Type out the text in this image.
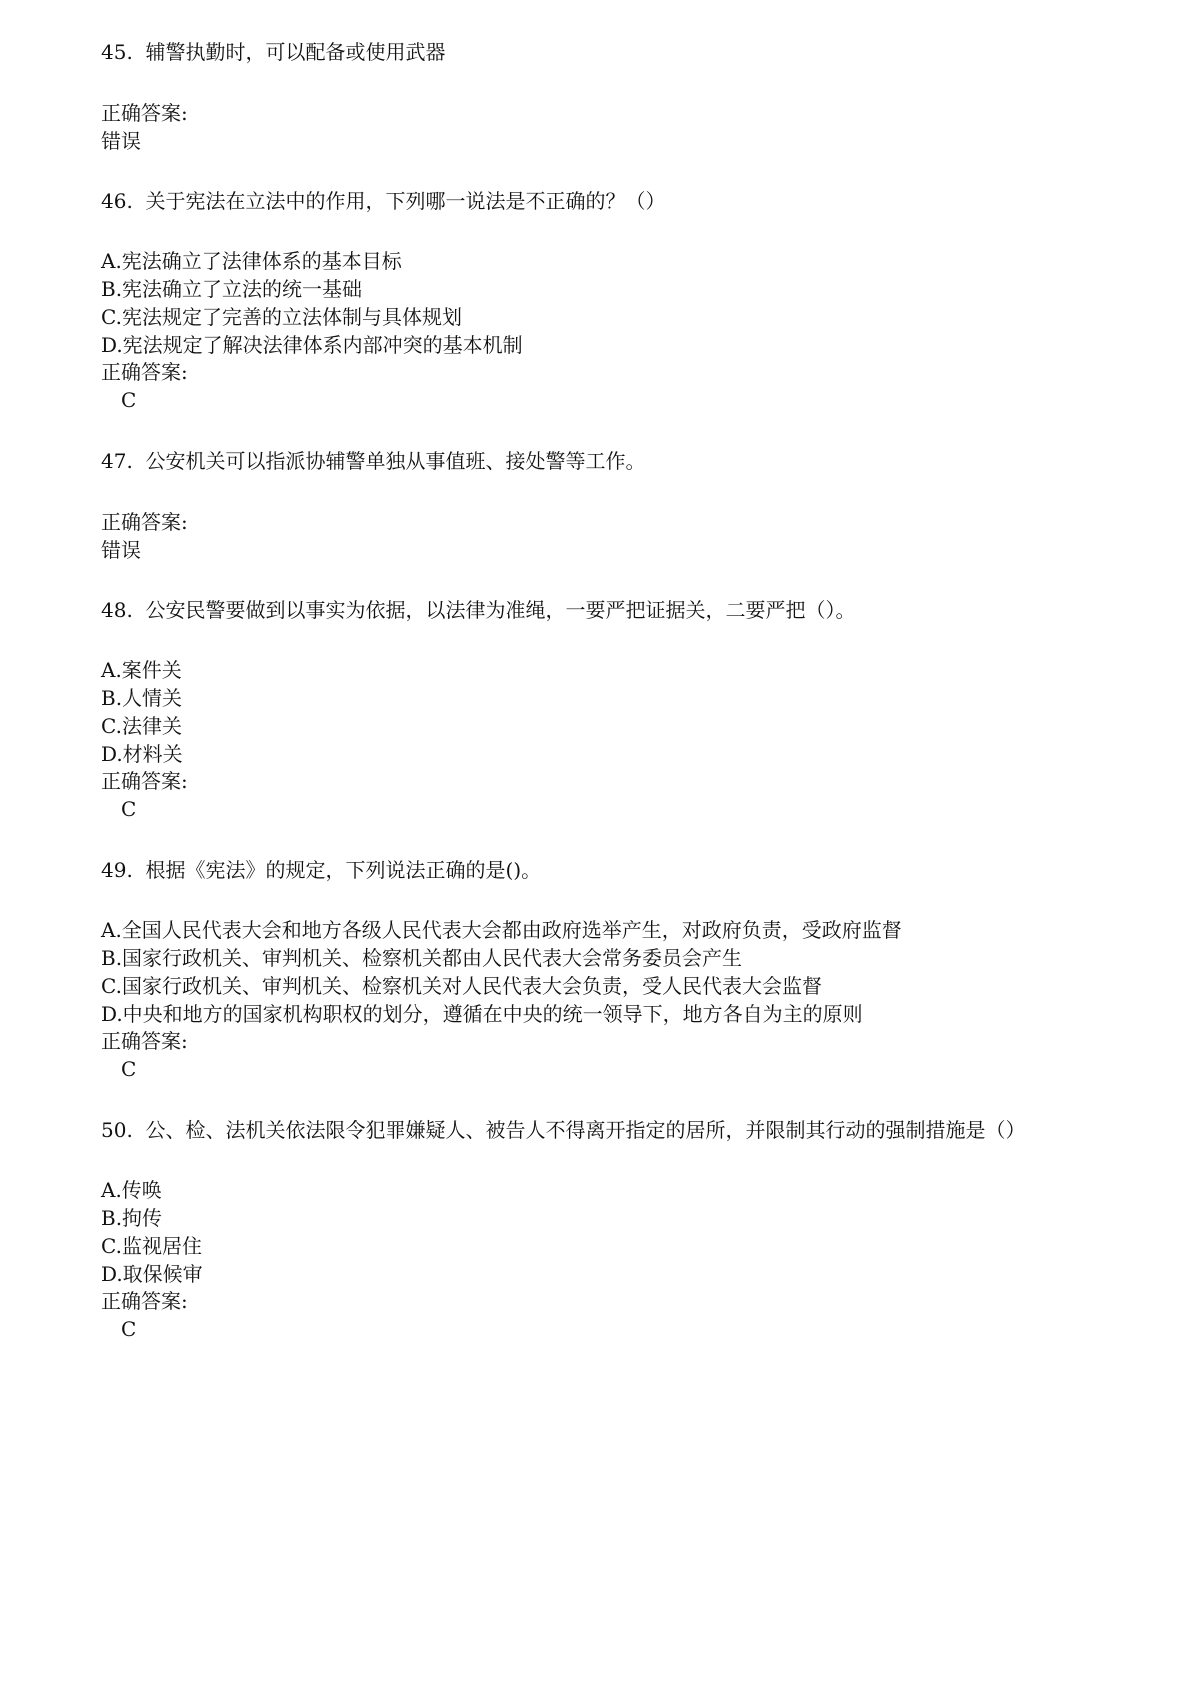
45. 辅警执勤时，可以配备或使用武器
正确答案:
错误
46. 关于宪法在立法中的作用，下列哪一说法是不正确的？（）
A.宪法确立了法律体系的基本目标
B.宪法确立了立法的统一基础
C.宪法规定了完善的立法体制与具体规划
D.宪法规定了解决法律体系内部冲突的基本机制
正确答案:
C
47. 公安机关可以指派协辅警单独从事值班、接处警等工作。
正确答案:
错误
48. 公安民警要做到以事实为依据，以法律为准绳，一要严把证据关，二要严把（）。
A.案件关
B.人情关
C.法律关
D.材料关
正确答案:
C
49. 根据《宪法》的规定，下列说法正确的是()。
A.全国人民代表大会和地方各级人民代表大会都由政府选举产生，对政府负责，受政府监督
B.国家行政机关、审判机关、检察机关都由人民代表大会常务委员会产生
C.国家行政机关、审判机关、检察机关对人民代表大会负责，受人民代表大会监督
D.中央和地方的国家机构职权的划分，遵循在中央的统一领导下，地方各自为主的原则
正确答案:
C
50. 公、检、法机关依法限令犯罪嫌疑人、被告人不得离开指定的居所，并限制其行动的强制措施是（）
A.传唤
B.拘传
C.监视居住
D.取保候审
正确答案:
C
